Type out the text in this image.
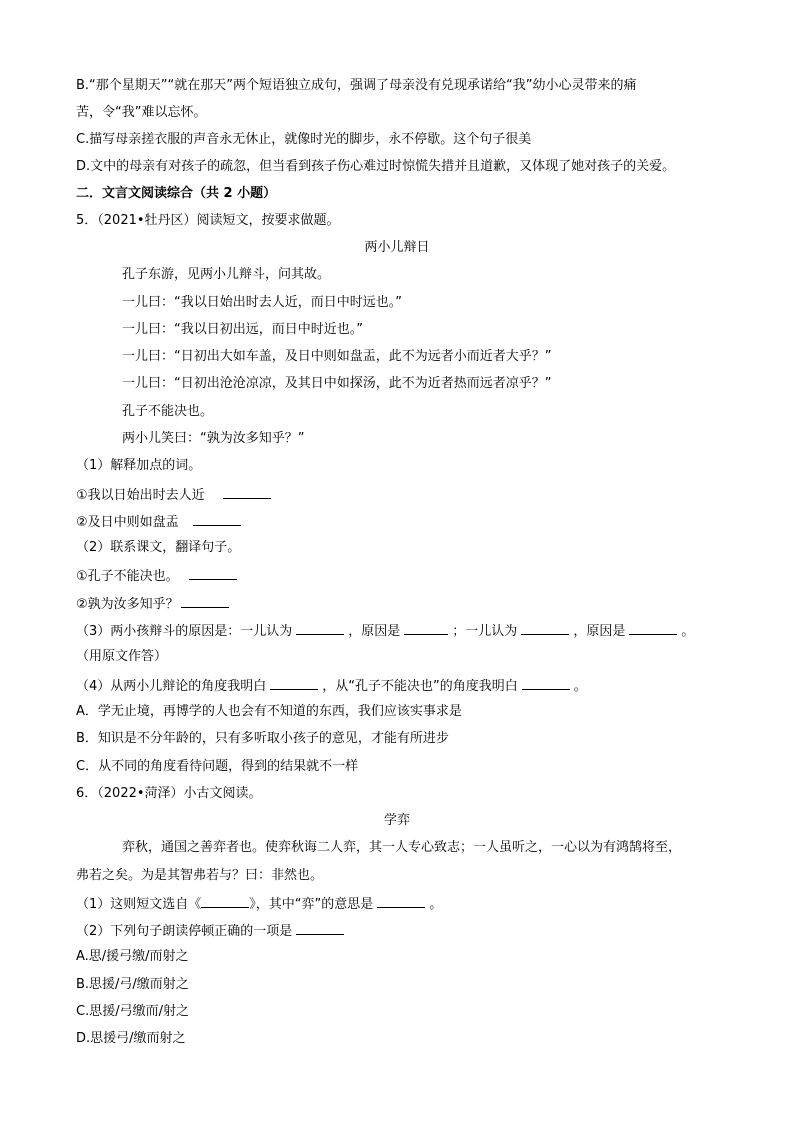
B.“那个星期天”“就在那天”两个短语独立成句，强调了母亲没有兑现承诺给“我”幼小心灵带来的痛
苦，令“我”难以忘怀。
C.描写母亲搓衣服的声音永无休止，就像时光的脚步，永不停歇。这个句子很美
D.文中的母亲有对孩子的疏忽，但当看到孩子伤心难过时惊慌失措并且道歉，又体现了她对孩子的关爱。
二．文言文阅读综合（共 2 小题）
5．（2021•牡丹区）阅读短文，按要求做题。
两小儿辩日
孔子东游，见两小儿辩斗，问其故。
一儿曰：“我以日始出时去人近，而日中时远也。”
一儿曰：“我以日初出远，而日中时近也。”
一儿曰：“日初出大如车盖，及日中则如盘盂，此不为远者小而近者大乎？”
一儿曰：“日初出沧沧凉凉，及其日中如探汤，此不为近者热而远者凉乎？”
孔子不能决也。
两小儿笑曰：“孰为汝多知乎？”
（1）解释加点的词。
①我以日始出时去人近
②及日中则如盘盂
（2）联系课文，翻译句子。
①孔子不能决也。
②孰为汝多知乎？
（3）两小孩辩斗的原因是：一儿认为	，原因是	；一儿认为	，原因是	。
（用原文作答）
（4）从两小儿辩论的角度我明白	，从“孔子不能决也”的角度我明白	。
A．学无止境，再博学的人也会有不知道的东西，我们应该实事求是
B．知识是不分年龄的，只有多听取小孩子的意见，才能有所进步
C．从不同的角度看待问题，得到的结果就不一样
6．（2022•菏泽）小古文阅读。
学弈
弈秋，通国之善弈者也。使弈秋诲二人弈，其一人专心致志；一人虽听之，一心以为有鸿鹄将至，
弗若之矣。为是其智弗若与？曰：非然也。
（1）这则短文选自《	》，其中“弈”的意思是	。
（2）下列句子朗读停顿正确的一项是
A.思/援弓缴/而射之
B.思援/弓/缴而射之
C.思援/弓缴而/射之
D.思援弓/缴而射之
